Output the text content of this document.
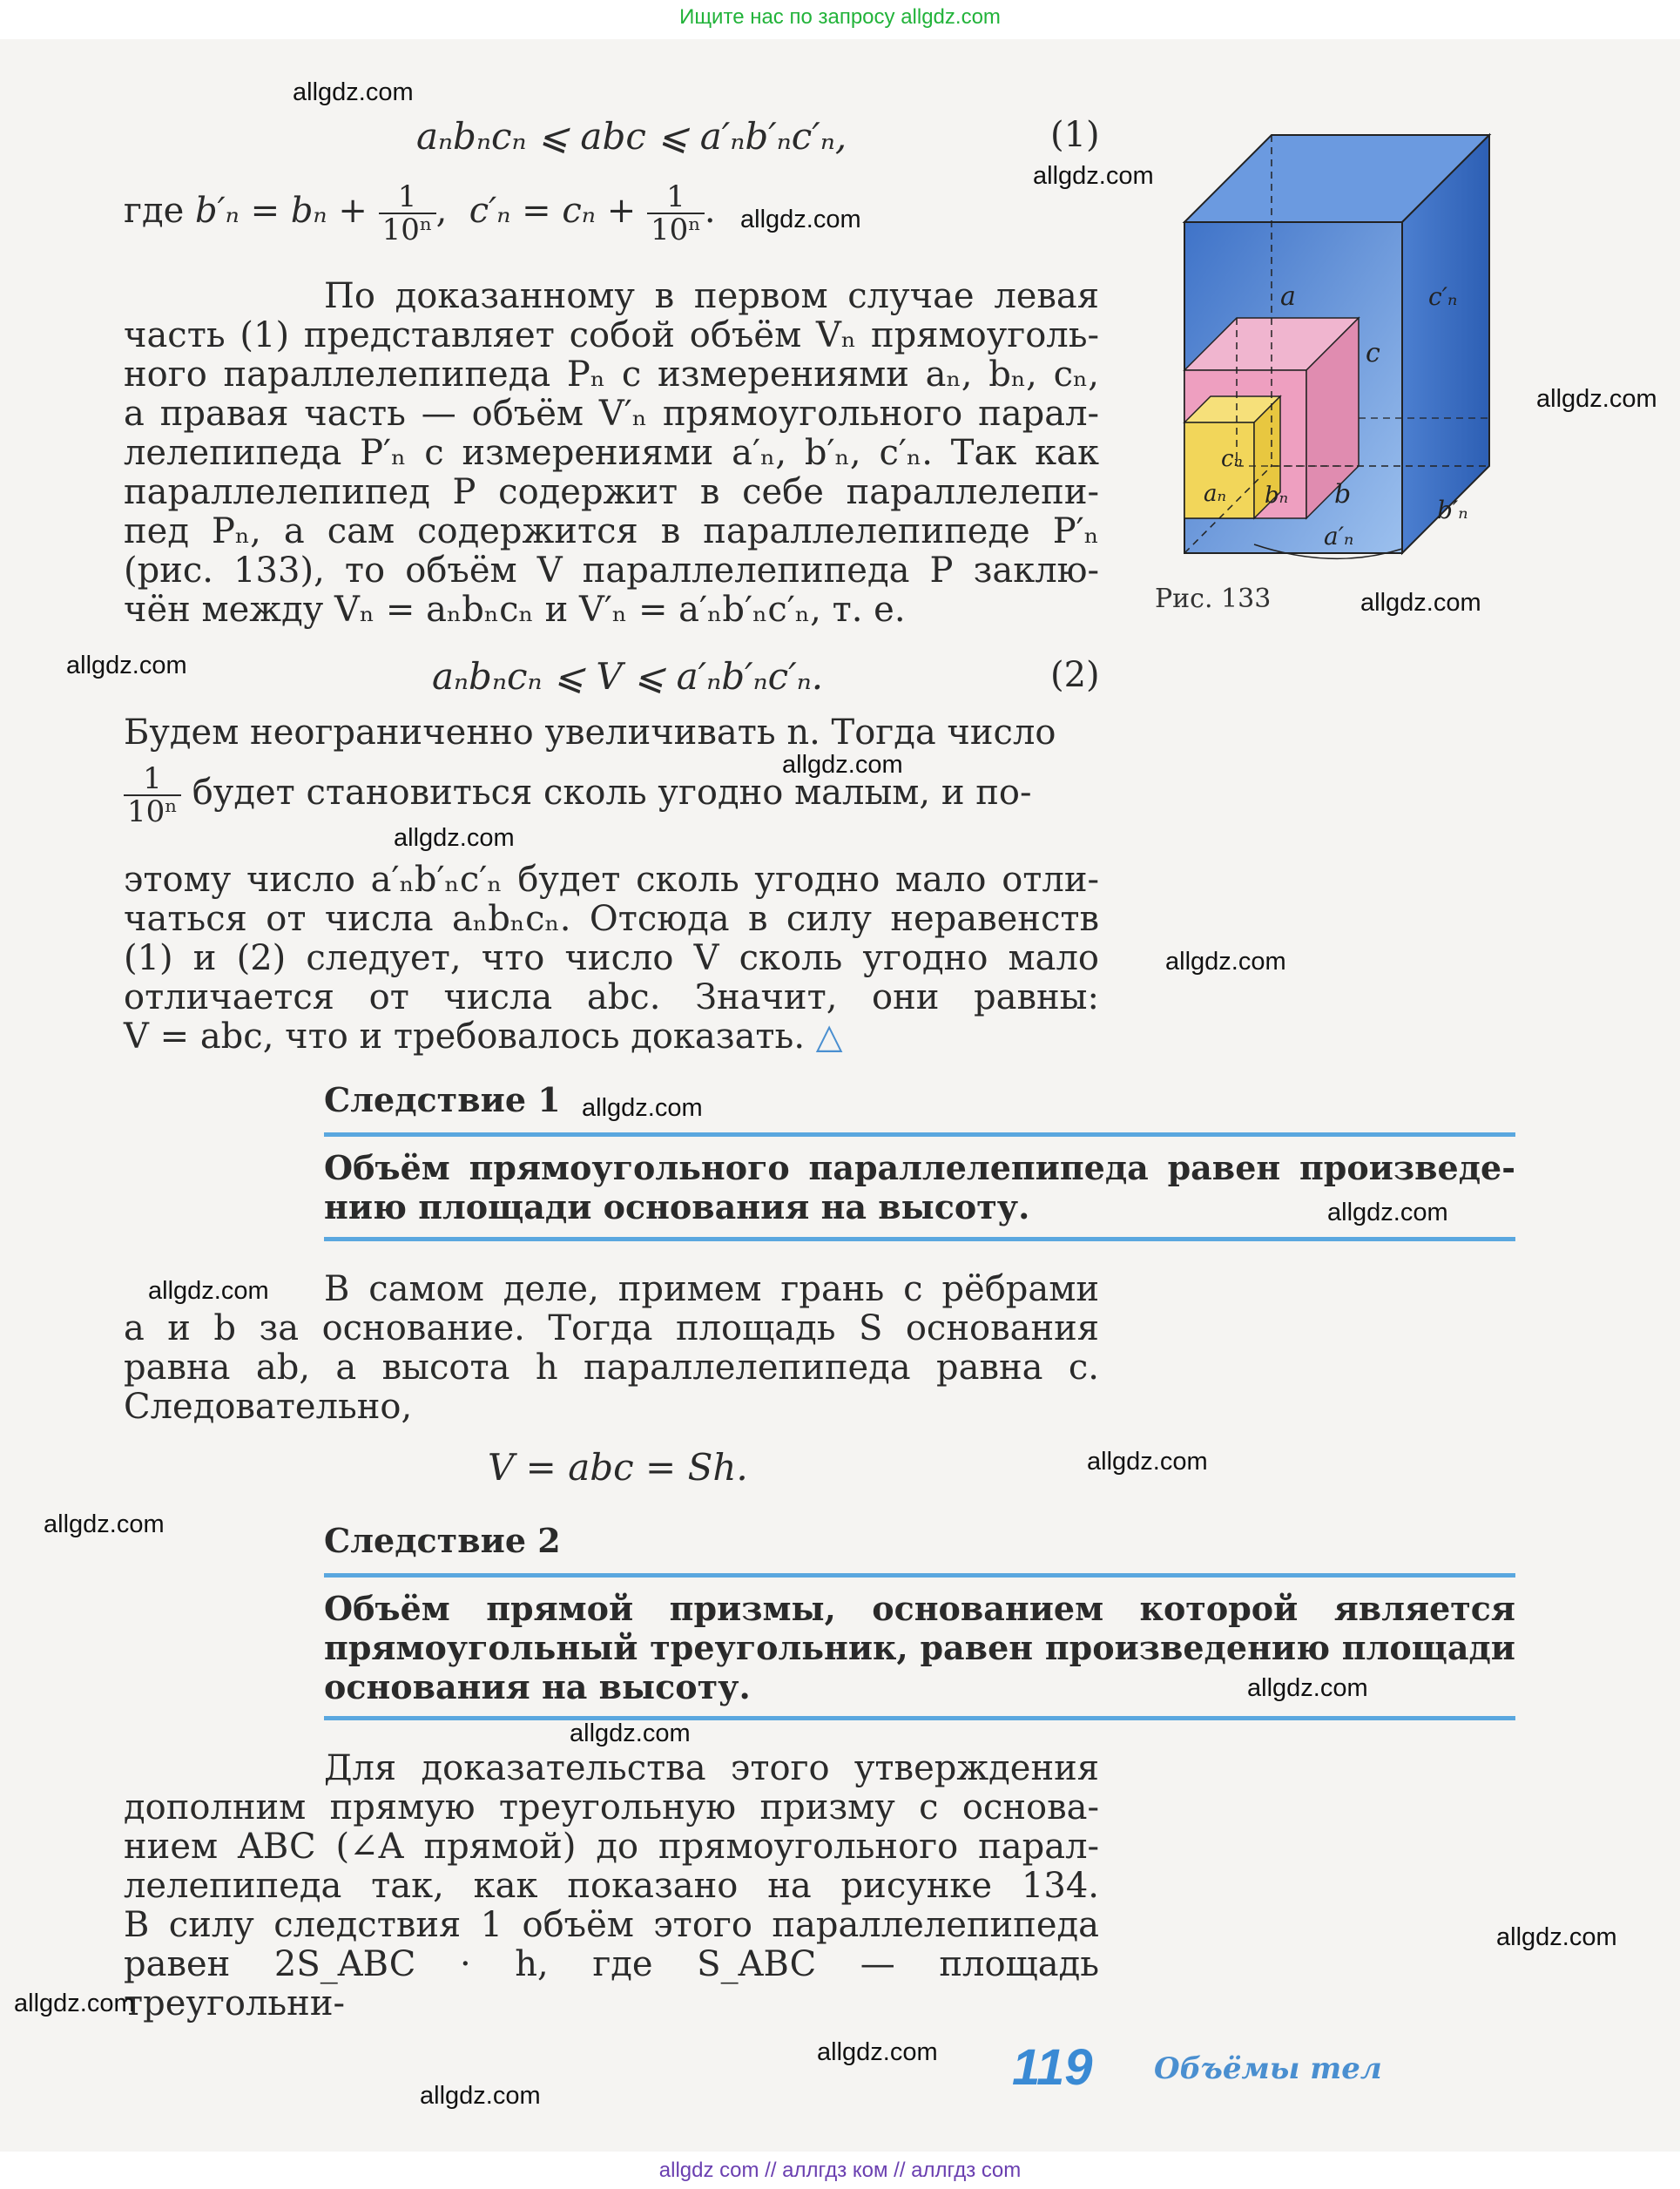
Ищите нас по запросу allgdz.com
aₙbₙcₙ ⩽ abc ⩽ a′ₙb′ₙc′ₙ,	(1)
где $b'_n = b_n + \frac{1}{\text{10ⁿ}}$ ,  $c'_n = c_n + \frac{1}{\text{10ⁿ}}$ .
По доказанному в первом случае левая
часть (1) представляет собой объём Vₙ прямоуголь-
ного параллелепипеда Pₙ с измерениями aₙ, bₙ, cₙ,
а правая часть — объём V′ₙ прямоугольного парал-
лелепипеда P′ₙ с измерениями a′ₙ, b′ₙ, c′ₙ. Так как
параллелепипед P содержит в себе параллелепи-
пед Pₙ, а сам содержится в параллелепипеде P′ₙ
(рис. 133), то объём V параллелепипеда P заклю-
чён между Vₙ = aₙbₙcₙ и V′ₙ = a′ₙb′ₙc′ₙ, т. е.
aₙbₙcₙ ⩽ V ⩽ a′ₙb′ₙc′ₙ.	(2)
Будем неограниченно увеличивать n. Тогда число
$\frac{1}{\text{10ⁿ}}$ будет становиться сколь угодно малым, и по-
этому число a′ₙb′ₙc′ₙ будет сколь угодно мало отли-
чаться от числа aₙbₙcₙ. Отсюда в силу неравенств
(1) и (2) следует, что число V сколь угодно мало
отличается от числа abc. Значит, они равны:
V = abc, что и требовалось доказать. △
Следствие 1
Объём прямоугольного параллелепипеда равен произведе-
нию площади основания на высоту.
В самом деле, примем грань с рёбрами
a и b за основание. Тогда площадь S основания
равна ab, а высота h параллелепипеда равна c.
Следовательно,
V = abc = Sh.
Следствие 2
Объём прямой призмы, основанием которой является
прямоугольный треугольник, равен произведению площади
основания на высоту.
Для доказательства этого утверждения
дополним прямую треугольную призму с основа-
нием ABC (∠A прямой) до прямоугольного парал-
лелепипеда так, как показано на рисунке 134.
В силу следствия 1 объём этого параллелепипеда
равен 2S_ABC · h, где S_ABC — площадь треугольни-
a
c
c′ₙ
b
b′ₙ
a′ₙ
cₙ
aₙ bₙ
Рис. 133
119 Объёмы тел
allgdz.com
allgdz.com
allgdz.com
allgdz.com
allgdz.com
allgdz.com
allgdz.com
allgdz.com
allgdz.com
allgdz.com
allgdz.com
allgdz.com
allgdz.com
allgdz.com
allgdz.com
allgdz.com
allgdz.com
allgdz.com
allgdz.com
allgdz.com
allgdz com // аллгдз ком // аллгдз com
